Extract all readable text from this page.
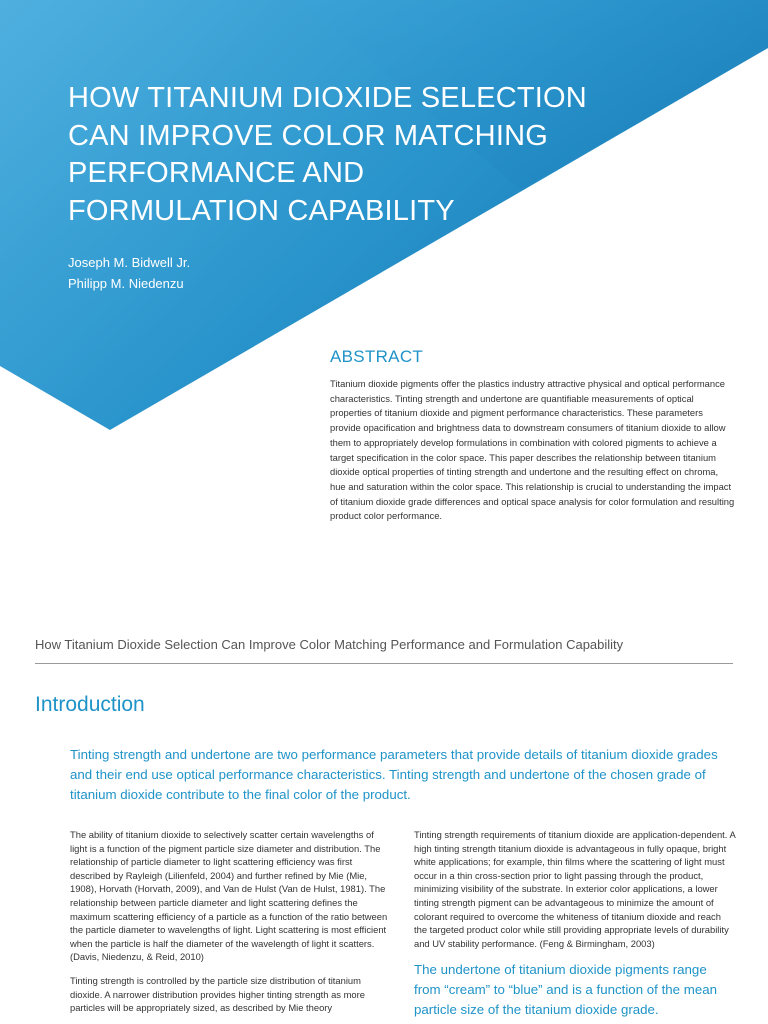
HOW TITANIUM DIOXIDE SELECTION
CAN IMPROVE COLOR MATCHING
PERFORMANCE AND
FORMULATION CAPABILITY
Joseph M. Bidwell Jr.
Philipp M. Niedenzu
ABSTRACT

Titanium dioxide pigments offer the plastics industry attractive physical and optical performance characteristics. Tinting strength and undertone are quantifiable measurements of optical properties of titanium dioxide and pigment performance characteristics. These parameters provide opacification and brightness data to downstream consumers of titanium dioxide to allow them to appropriately develop formulations in combination with colored pigments to achieve a target specification in the color space. This paper describes the relationship between titanium dioxide optical properties of tinting strength and undertone and the resulting effect on chroma, hue and saturation within the color space. This relationship is crucial to understanding the impact of titanium dioxide grade differences and optical space analysis for color formulation and resulting product color performance.

How Titanium Dioxide Selection Can Improve Color Matching Performance and Formulation Capability
Introduction

Tinting strength and undertone are two performance parameters that provide details of titanium dioxide grades and their end use optical performance characteristics. Tinting strength and undertone of the chosen grade of titanium dioxide contribute to the final color of the product.

The ability of titanium dioxide to selectively scatter certain wavelengths of light is a function of the pigment particle size diameter and distribution. The relationship of particle diameter to light scattering efficiency was first described by Rayleigh (Lilienfeld, 2004) and further refined by Mie (Mie, 1908), Horvath (Horvath, 2009), and Van de Hulst (Van de Hulst, 1981). The relationship between particle diameter and light scattering defines the maximum scattering efficiency of a particle as a function of the ratio between the particle diameter to wavelengths of light. Light scattering is most efficient when the particle is half the diameter of the wavelength of light it scatters. (Davis, Niedenzu, & Reid, 2010)

Tinting strength is controlled by the particle size distribution of titanium dioxide. A narrower distribution provides higher tinting strength as more particles will be appropriately sized, as described by Mie theory

Tinting strength requirements of titanium dioxide are application-dependent. A high tinting strength titanium dioxide is advantageous in fully opaque, bright white applications; for example, thin films where the scattering of light must occur in a thin cross-section prior to light passing through the product, minimizing visibility of the substrate. In exterior color applications, a lower tinting strength pigment can be advantageous to minimize the amount of colorant required to overcome the whiteness of titanium dioxide and reach the targeted product color while still providing appropriate levels of durability and UV stability performance. (Feng & Birmingham, 2003)

The undertone of titanium dioxide pigments range from “cream” to “blue” and is a function of the mean particle size of the titanium dioxide grade.
